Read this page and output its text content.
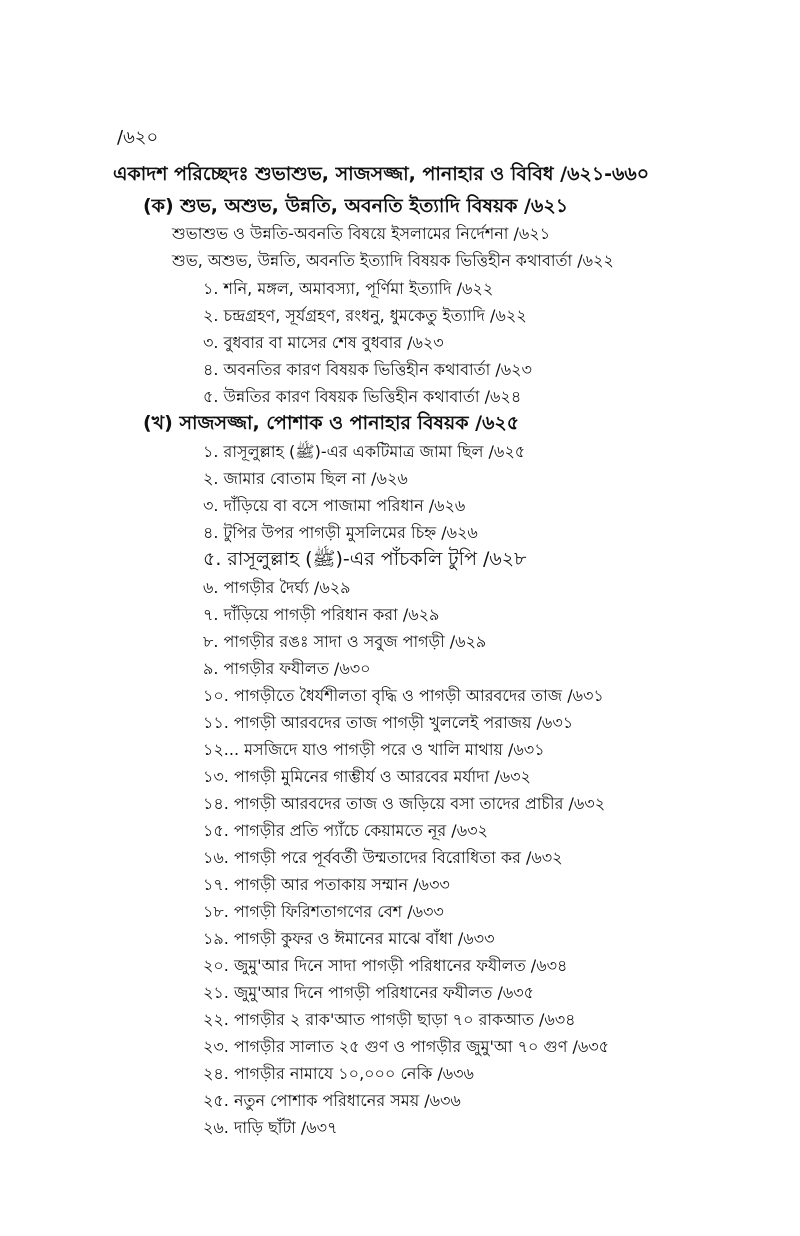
/৬২০
একাদশ পরিচ্ছেদঃ শুভাশুভ, সাজসজ্জা, পানাহার ও বিবিধ /৬২১-৬৬০
(ক) শুভ, অশুভ, উন্নতি, অবনতি ইত্যাদি বিষয়ক /৬২১
শুভাশুভ ও উন্নতি-অবনতি বিষয়ে ইসলামের নির্দেশনা /৬২১
শুভ, অশুভ, উন্নতি, অবনতি ইত্যাদি বিষয়ক ভিত্তিহীন কথাবার্তা /৬২২
১. শনি, মঙ্গল, অমাবস্যা, পূর্ণিমা ইত্যাদি /৬২২
২. চন্দ্রগ্রহণ, সূর্যগ্রহণ, রংধনু, ধুমকেতু ইত্যাদি /৬২২
৩. বুধবার বা মাসের শেষ বুধবার /৬২৩
৪. অবনতির কারণ বিষয়ক ভিত্তিহীন কথাবার্তা /৬২৩
৫. উন্নতির কারণ বিষয়ক ভিত্তিহীন কথাবার্তা /৬২৪
(খ) সাজসজ্জা, পোশাক ও পানাহার বিষয়ক /৬২৫
১. রাসূলুল্লাহ (ﷺ)-এর একটিমাত্র জামা ছিল /৬২৫
২. জামার বোতাম ছিল না /৬২৬
৩. দাঁড়িয়ে বা বসে পাজামা পরিধান /৬২৬
৪. টুপির উপর পাগড়ী মুসলিমের চিহ্ন /৬২৬
৫. রাসূলুল্লাহ (ﷺ)-এর পাঁচকলি টুপি /৬২৮
৬. পাগড়ীর দৈর্ঘ্য /৬২৯
৭. দাঁড়িয়ে পাগড়ী পরিধান করা /৬২৯
৮. পাগড়ীর রঙঃ সাদা ও সবুজ পাগড়ী /৬২৯
৯. পাগড়ীর ফযীলত /৬৩০
১০. পাগড়ীতে ধৈর্যশীলতা বৃদ্ধি ও পাগড়ী আরবদের তাজ /৬৩১
১১. পাগড়ী আরবদের তাজ পাগড়ী খুললেই পরাজয় /৬৩১
১২... মসজিদে যাও পাগড়ী পরে ও খালি মাথায় /৬৩১
১৩. পাগড়ী মুমিনের গাম্ভীর্য ও আরবের মর্যাদা /৬৩২
১৪. পাগড়ী আরবদের তাজ ও জড়িয়ে বসা তাদের প্রাচীর /৬৩২
১৫. পাগড়ীর প্রতি প্যাঁচে কেয়ামতে নূর /৬৩২
১৬. পাগড়ী পরে পূর্ববর্তী উম্মতাদের বিরোধিতা কর /৬৩২
১৭. পাগড়ী আর পতাকায় সম্মান /৬৩৩
১৮. পাগড়ী ফিরিশতাগণের বেশ /৬৩৩
১৯. পাগড়ী কুফর ও ঈমানের মাঝে বাঁধা /৬৩৩
২০. জুমু'আর দিনে সাদা পাগড়ী পরিধানের ফযীলত /৬৩৪
২১. জুমু'আর দিনে পাগড়ী পরিধানের ফযীলত /৬৩৫
২২. পাগড়ীর ২ রাক'আত পাগড়ী ছাড়া ৭০ রাকআত /৬৩৪
২৩. পাগড়ীর সালাত ২৫ গুণ ও পাগড়ীর জুমু'আ ৭০ গুণ /৬৩৫
২৪. পাগড়ীর নামাযে ১০,০০০ নেকি /৬৩৬
২৫. নতুন পোশাক পরিধানের সময় /৬৩৬
২৬. দাড়ি ছাঁটা /৬৩৭
